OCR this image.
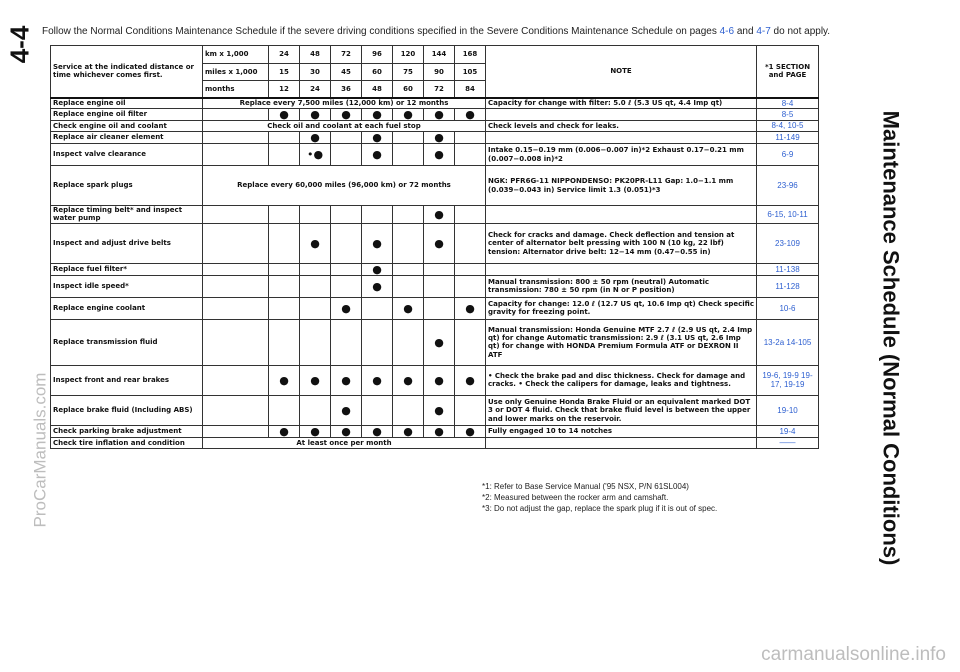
4-4 Follow the Normal Conditions Maintenance Schedule if the severe driving conditions specified in the Severe Conditions Maintenance Schedule on pages 4-6 and 4-7 do not apply.
Service at the indicated distance or time whichever comes first.	km x 1,000	24	48	72	96	120	144	168	NOTE	*1 SECTION and PAGE
	miles x 1,000	15	30	45	60	75	90	105		
	months	12	24	36	48	60	72	84		
Replace engine oil	Replace every 7,500 miles (12,000 km) or 12 months								Capacity for change with filter: 5.0 ℓ (5.3 US qt, 4.4 Imp qt)	8-4
Replace engine oil filter		●	●	●	●	●	●	●		8-5
Check engine oil and coolant	Check oil and coolant at each fuel stop								Check levels and check for leaks.	8-4, 10-5
Replace air cleaner element			●		●		●			11-149
Inspect valve clearance			•●		●		●		Intake 0.15−0.19 mm (0.006−0.007 in)*2 Exhaust 0.17−0.21 mm (0.007−0.008 in)*2	6-9
Replace spark plugs	Replace every 60,000 miles (96,000 km) or 72 months								NGK: PFR6G-11 NIPPONDENSO: PK20PR-L11 Gap: 1.0−1.1 mm (0.039−0.043 in) Service limit 1.3 (0.051)*3	23-96
Replace timing belt* and inspect water pump							●			6-15, 10-11
Inspect and adjust drive belts			●		●		●		Check for cracks and damage. Check deflection and tension at center of alternator belt pressing with 100 N (10 kg, 22 lbf) tension: Alternator drive belt: 12−14 mm (0.47−0.55 in)	23-109
Replace fuel filter*					●					11-138
Inspect idle speed*					●				Manual transmission: 800 ± 50 rpm (neutral) Automatic transmission: 780 ± 50 rpm (in N or P position)	11-128
Replace engine coolant				●		●		●	Capacity for change: 12.0 ℓ (12.7 US qt, 10.6 Imp qt) Check specific gravity for freezing point.	10-6
Replace transmission fluid							●		Manual transmission: Honda Genuine MTF 2.7 ℓ (2.9 US qt, 2.4 Imp qt) for change Automatic transmission: 2.9 ℓ (3.1 US qt, 2.6 Imp qt) for change with HONDA Premium Formula ATF or DEXRON II ATF	13-2a 14-105
Inspect front and rear brakes		●	●	●	●	●	●	●	• Check the brake pad and disc thickness. Check for damage and cracks. • Check the calipers for damage, leaks and tightness.	19-6, 19-9 19-17, 19-19
Replace brake fluid (Including ABS)				●			●		Use only Genuine Honda Brake Fluid or an equivalent marked DOT 3 or DOT 4 fluid. Check that brake fluid level is between the upper and lower marks on the reservoir.	19-10
Check parking brake adjustment		●	●	●	●	●	●	●	Fully engaged 10 to 14 notches	19-4
Check tire inflation and condition	At least once per month									——
*1: Refer to Base Service Manual ('95 NSX, P/N 61SL004)
*2: Measured between the rocker arm and camshaft.
*3: Do not adjust the gap, replace the spark plug if it is out of spec.	Maintenance Schedule (Normal Conditions)
ProCarManuals.com
carmanualsonline.info
